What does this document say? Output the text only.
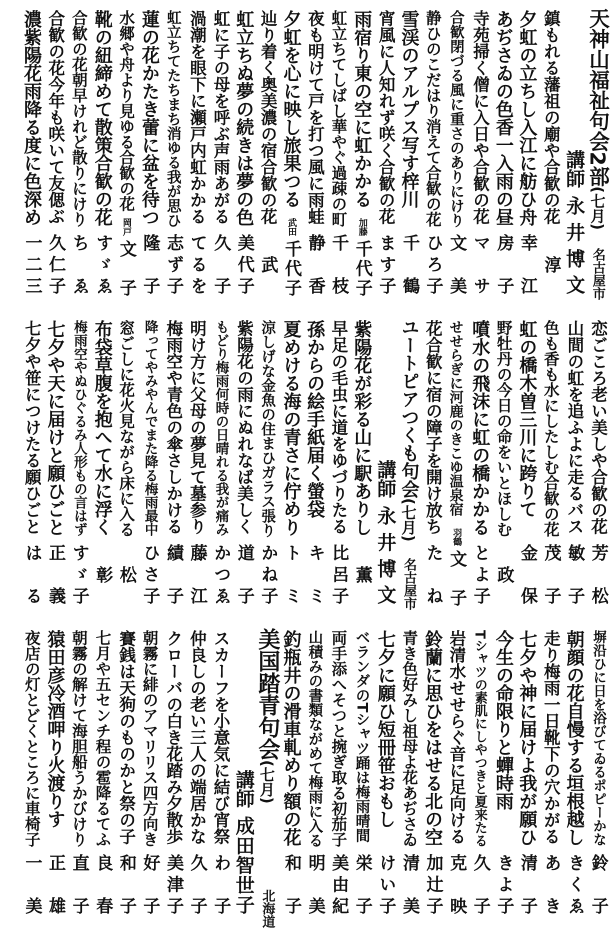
天神山福祉句会2部(七月)
名古屋市
講師
永井博文
鎮もれる藩祖の廟や合歓の花
淳
夕虹の立ちし入江に舫ひ舟
幸江
あぢさゐの色香一入雨の昼
房子
寺苑掃く僧に入日や合歓の花
マサ
合歓閉づる風に重さのありにけり
文美
静ひのこだはり消えて合歓の花
ひろ子
雪渓のアルプス写す梓川
千鶴
宵風に人知れず咲く合歓の花
ます子
雨宿り東の空に虹かかる
加藤
千代子
虹立ちてしばし華やぐ過疎の町
千枝
夜も明けて戸を打つ風に雨蛙
静香
夕虹を心に映し旅果つる
武田
千代子
辿り着く奥美濃の宿合歓の花
武
虹立ちぬ夢の続きは夢の色
美代子
虹に子の母を呼ぶ声雨あがる
久子
渦潮を眼下に瀬戸内虹かかる
てるを
虹立ちてたちまち消ゆる我が思ひ
志ず子
蓮の花かたき蕾に盆を待つ
隆子
水郷や舟より見ゆる合歓の花
岡戸
文子
靴の紐締めて散策合歓の花
すゞゑ
合歓の花朝早けれど散りにけり
ちゑ
合歓の花今年も咲いて友偲ぶ
久仁子
濃紫陽花雨降る度に色深め
一二三
恋ごころ老い美しや合歓の花
芳松
山間の虹を追ふよに走るバス
敏子
色も香も水にしたしむ合歓の花
茂子
虹の橋木曽三川に跨りて
金保
野牡丹の今日の命をいとほしむ
政
噴水の飛沫に虹の橋かかる
とよ子
せせらぎに河鹿のきこゆ温泉宿
羽鶴
文子
花合歓に宿の障子を開け放ち
たね
ユートピアつくも句会(七月)
名古屋市
講師
永井博文
紫陽花が彩る山に駅ありし
薫
早足の毛虫に道をゆづりたる
比呂子
孫からの絵手紙届く螢袋
キミ
夏めける海の青さに佇めり
トミ
涼しげな金魚の住まひガラス張り
かね子
紫陽花の雨にぬれなば美しく
道子
もどり梅雨何時の日晴れる我が痛み
かつゑ
明け方に父母の夢見て墓参り
藤江
梅雨空や青色の傘さしかける
績子
降ってやみやんでまた降る梅雨最中
ひさ子
窓ごしに花火見ながら床に入る
松
布袋草腹を抱へて水に浮く
彰
梅雨空やぬひぐるみ人形もの言はず
すゞ子
七夕や天に届けと願ひごと
正義
七夕や笹につけたる願ひごと
はる
塀沿ひに日を浴びてゐるポピーかな
鈴子
朝顔の花自慢する垣根越し
きくゑ
走り梅雨一日靴下の穴かがる
あき
七夕や神に届けよ我が願ひ
清子
今生の命限りと蟬時雨
きよ子
Tシャツの素肌にしやつきと夏来たる
久子
岩清水せせらぐ音に足向ける
克映
鈴蘭に思ひをはせる北の空
加辻子
青き色好みし祖母よ花あぢさゐ
清美
七夕に願ひ短冊笹おもし
けい子
ベランダのTシャツ踊は梅雨晴間
栄子
両手添へそつと捥ぎ取る初茄子
美由紀
山積みの書類ながめて梅雨に入る
明美
釣瓶井の滑車軋めり額の花
和子
美国踏青句会(七月)
北海道
講師
成田智世子
スカーフを小意気に結び宵祭
わ子
仲良しの老い三人の端居かな
久子
クローバの白き花踏み夕散歩
美津子
朝霧に緋のアマリリス四方向き
好子
賽銭は天狗のものかと祭の子
和子
七月や五センチ程の雹降るてふ
良春
朝霧の解けて海胆船うかびけり
直子
猿田彦冷酒呷り火渡りす
正雄
夜店の灯とどくところに車椅子
一美
